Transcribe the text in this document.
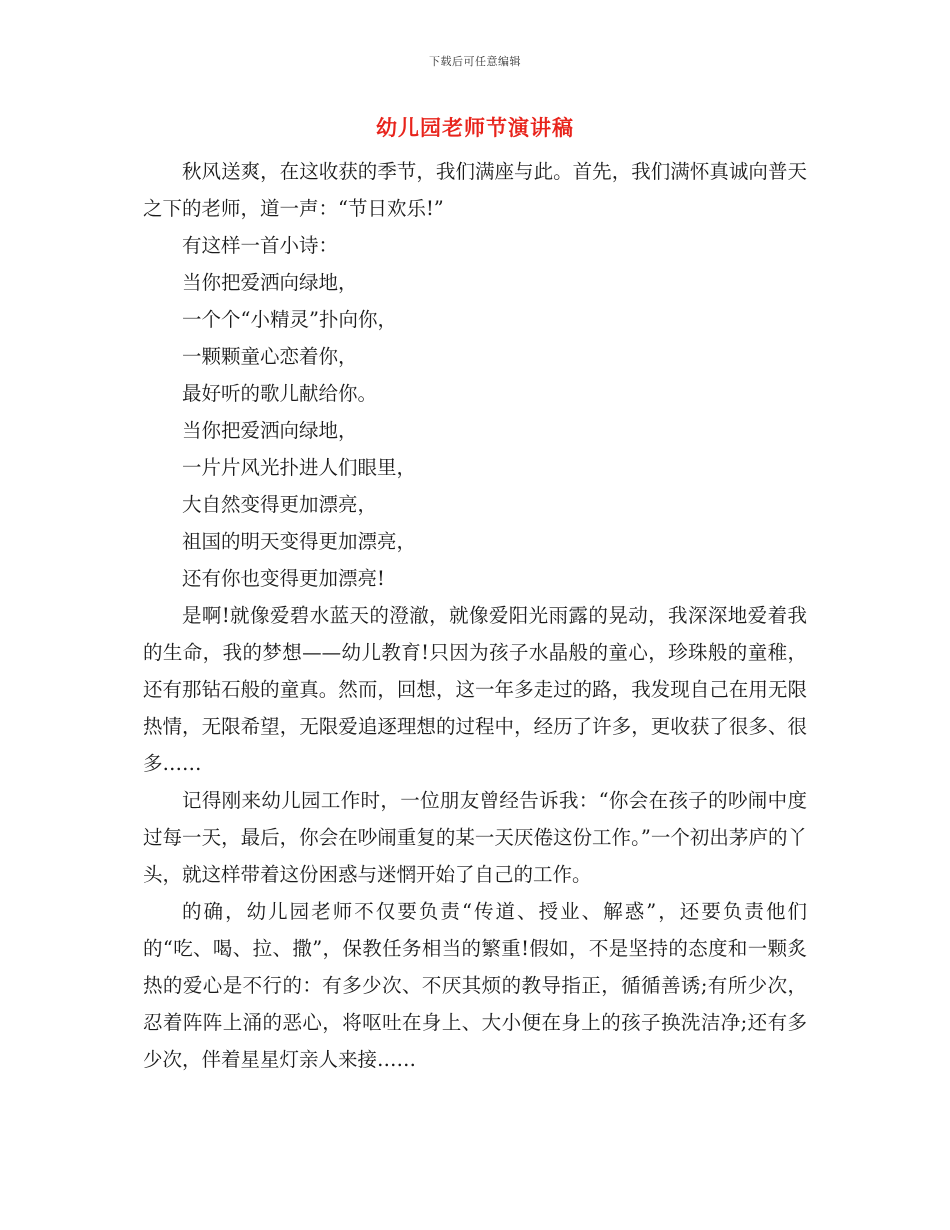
下载后可任意编辑
幼儿园老师节演讲稿

秋风送爽，在这收获的季节，我们满座与此。首先，我们满怀真诚向普天之下的老师，道一声：“节日欢乐!”

有这样一首小诗：

当你把爱洒向绿地，

一个个“小精灵”扑向你，

一颗颗童心恋着你，

最好听的歌儿献给你。

当你把爱洒向绿地，

一片片风光扑进人们眼里，

大自然变得更加漂亮，

祖国的明天变得更加漂亮，

还有你也变得更加漂亮!

是啊!就像爱碧水蓝天的澄澈，就像爱阳光雨露的晃动，我深深地爱着我的生命，我的梦想——幼儿教育!只因为孩子水晶般的童心，珍珠般的童稚，还有那钻石般的童真。然而，回想，这一年多走过的路，我发现自己在用无限热情，无限希望，无限爱追逐理想的过程中，经历了许多，更收获了很多、很多……

记得刚来幼儿园工作时，一位朋友曾经告诉我：“你会在孩子的吵闹中度过每一天，最后，你会在吵闹重复的某一天厌倦这份工作。”一个初出茅庐的丫头，就这样带着这份困惑与迷惘开始了自己的工作。

的确，幼儿园老师不仅要负责“传道、授业、解惑”，还要负责他们的“吃、喝、拉、撒”，保教任务相当的繁重!假如，不是坚持的态度和一颗炙热的爱心是不行的：有多少次、不厌其烦的教导指正，循循善诱;有所少次，忍着阵阵上涌的恶心，将呕吐在身上、大小便在身上的孩子换洗洁净;还有多少次，伴着星星灯亲人来接……
